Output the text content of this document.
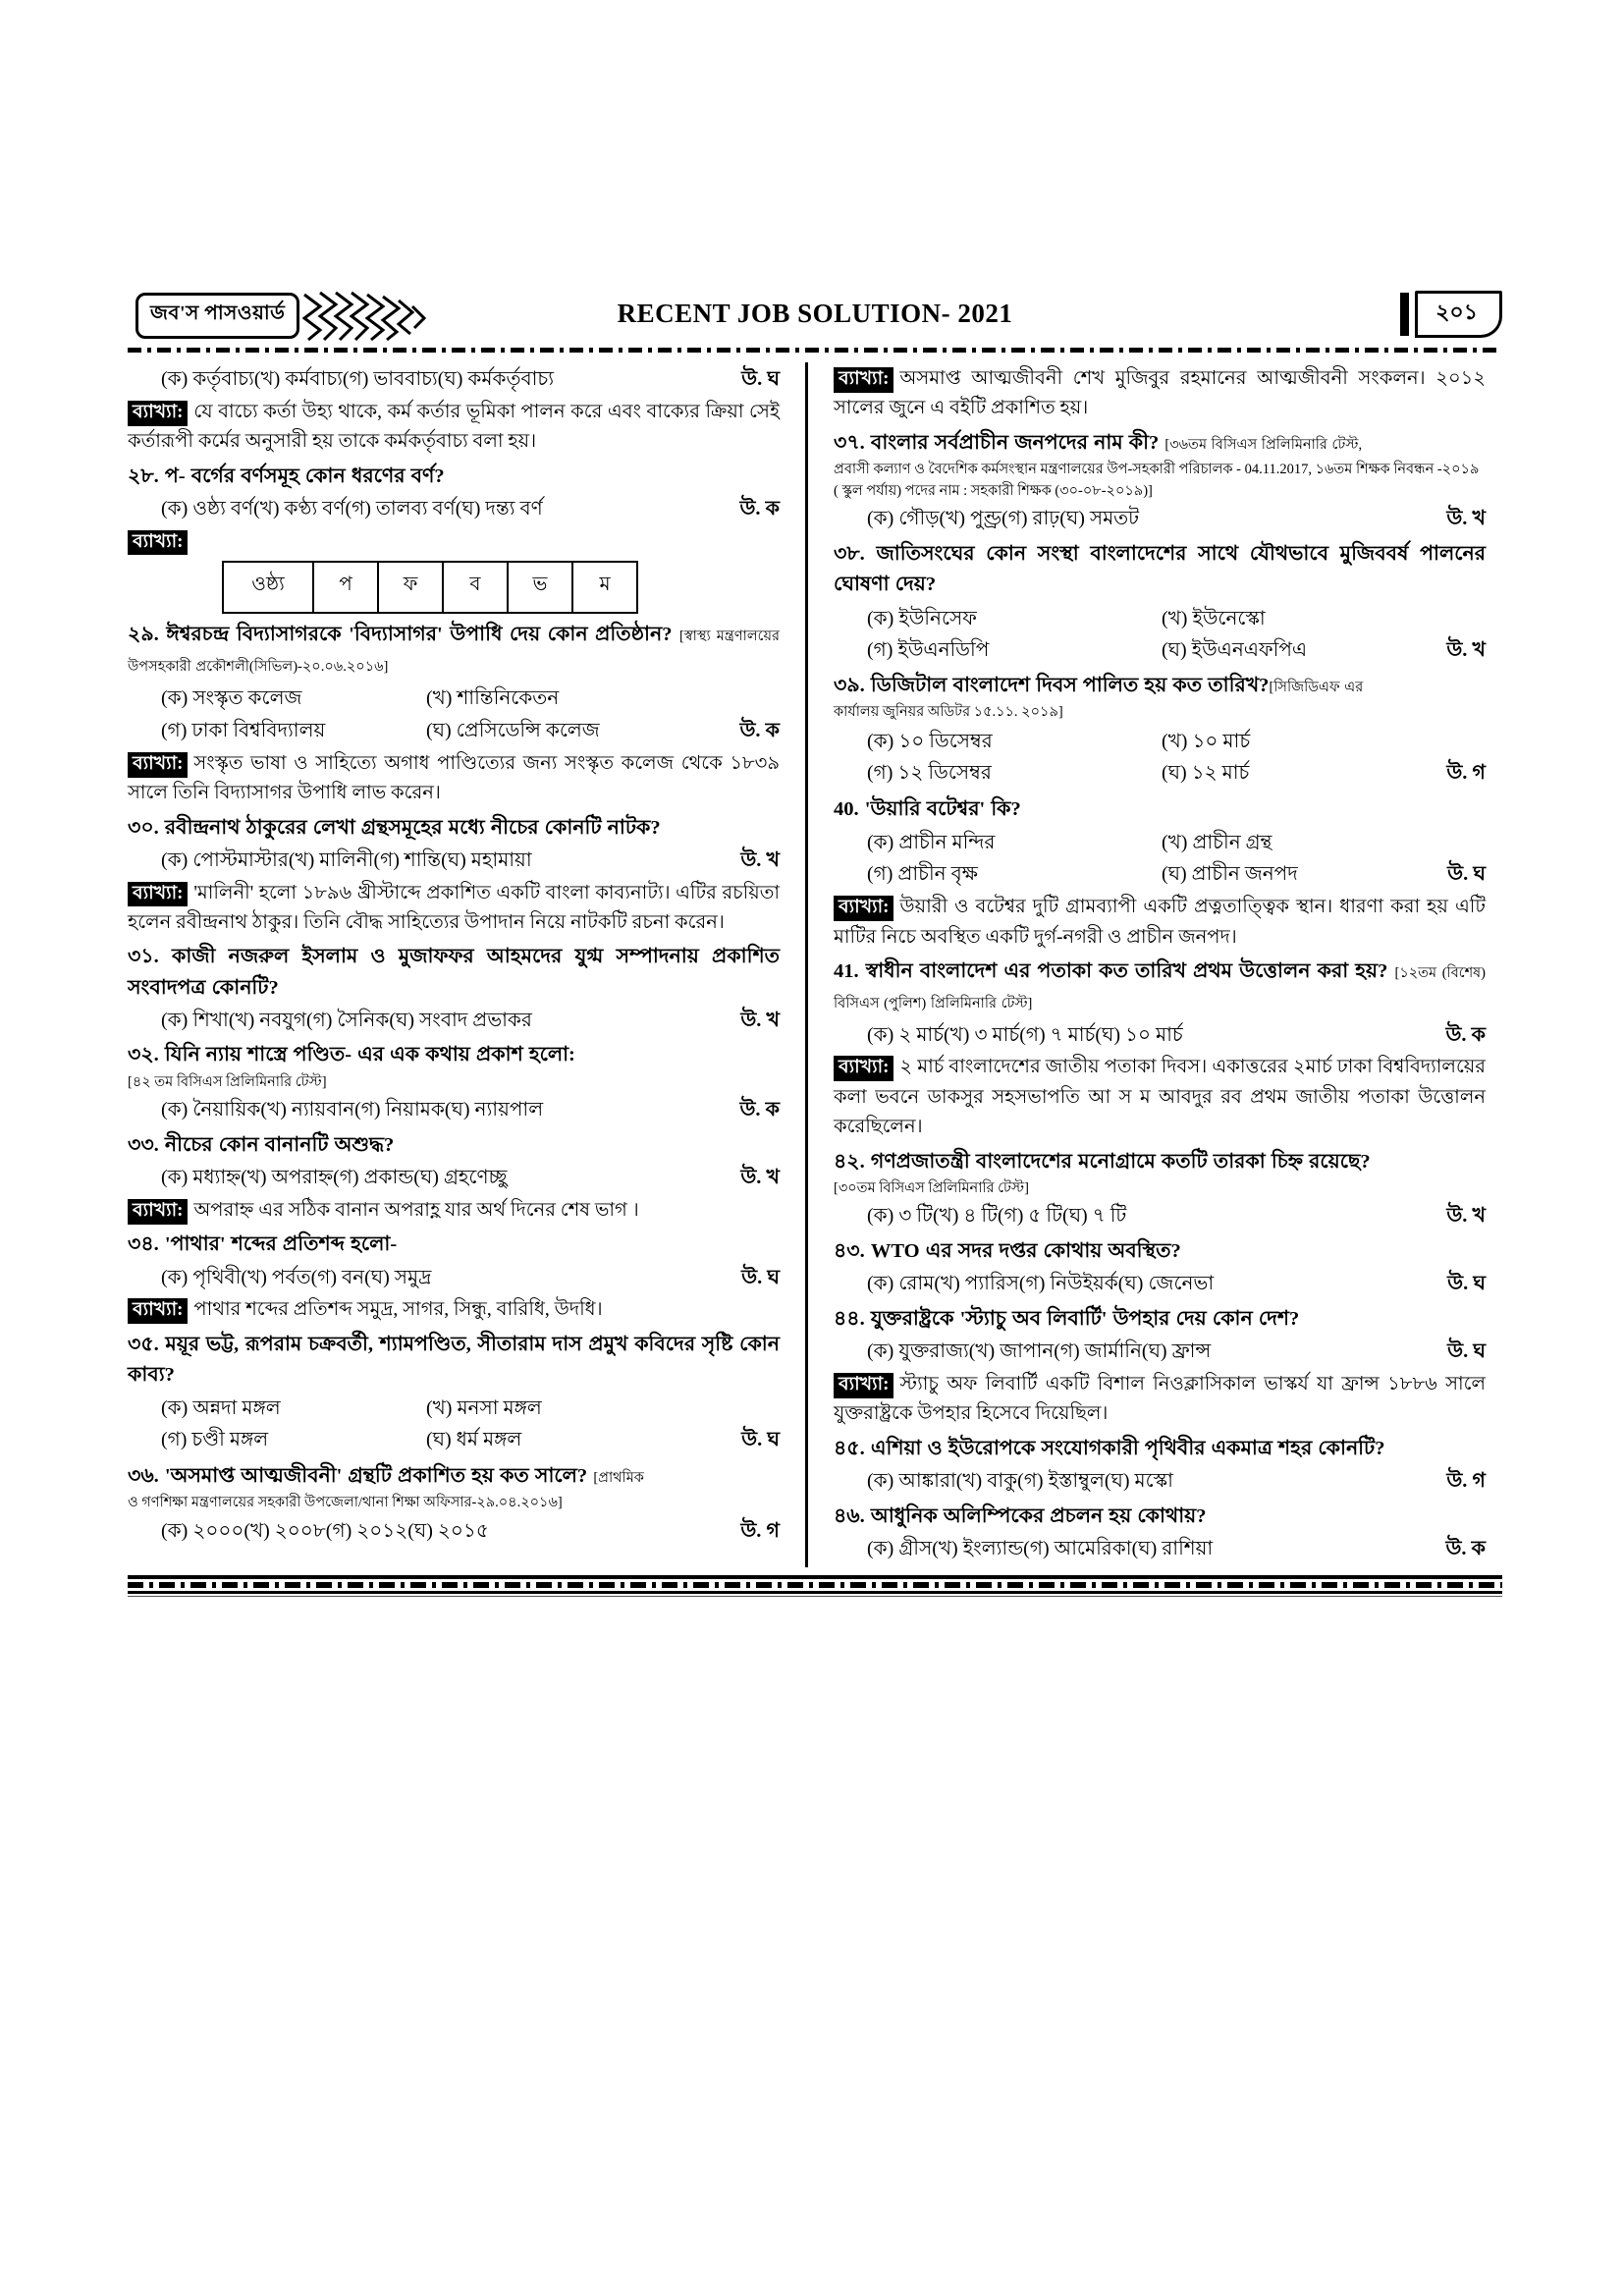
জব'স পাসওয়ার্ড	RECENT JOB SOLUTION- 2021	২০১
(ক) কর্তৃবাচ্য (খ) কর্মবাচ্য (গ) ভাববাচ্য (ঘ) কর্মকর্তৃবাচ্য	উ. ঘ
ব্যাখ্যা: যে বাচ্যে কর্তা উহ্য থাকে, কর্ম কর্তার ভূমিকা পালন করে এবং বাক্যের ক্রিয়া সেই কর্তারূপী কর্মের অনুসারী হয় তাকে কর্মকর্তৃবাচ্য বলা হয়।
২৮. প- বর্গের বর্ণসমূহ কোন ধরণের বর্ণ?
(ক) ওষ্ঠ্য বর্ণ (খ) কণ্ঠ্য বর্ণ (গ) তালব্য বর্ণ (ঘ) দন্ত্য বর্ণ	উ. ক
ব্যাখ্যা:
ওষ্ঠ্য	প	ফ	ব	ভ	ম
২৯. ঈশ্বরচন্দ্র বিদ্যাসাগরকে 'বিদ্যাসাগর' উপাধি দেয় কোন প্রতিষ্ঠান? [স্বাস্থ্য মন্ত্রণালয়ের উপসহকারী প্রকৌশলী(সিভিল)-২০.০৬.২০১৬]
(ক) সংস্কৃত কলেজ	(খ) শান্তিনিকেতন
(গ) ঢাকা বিশ্ববিদ্যালয়	(ঘ) প্রেসিডেন্সি কলেজ	উ. ক
ব্যাখ্যা: সংস্কৃত ভাষা ও সাহিত্যে অগাধ পাণ্ডিত্যের জন্য সংস্কৃত কলেজ থেকে ১৮৩৯ সালে তিনি বিদ্যাসাগর উপাধি লাভ করেন।
৩০. রবীন্দ্রনাথ ঠাকুরের লেখা গ্রন্থসমূহের মধ্যে নীচের কোনটি নাটক?
(ক) পোস্টমাস্টার (খ) মালিনী (গ) শান্তি (ঘ) মহামায়া	উ. খ
ব্যাখ্যা: 'মালিনী' হলো ১৮৯৬ খ্রীস্টাব্দে প্রকাশিত একটি বাংলা কাব্যনাট্য। এটির রচয়িতা হলেন রবীন্দ্রনাথ ঠাকুর। তিনি বৌদ্ধ সাহিত্যের উপাদান নিয়ে নাটকটি রচনা করেন।
৩১. কাজী নজরুল ইসলাম ও মুজাফফর আহমদের যুগ্ম সম্পাদনায় প্রকাশিত সংবাদপত্র কোনটি?
(ক) শিখা (খ) নবযুগ (গ) সৈনিক (ঘ) সংবাদ প্রভাকর	উ. খ
৩২. যিনি ন্যায় শাস্ত্রে পণ্ডিত- এর এক কথায় প্রকাশ হলো:
[৪২ তম বিসিএস প্রিলিমিনারি টেস্ট]
(ক) নৈয়ায়িক (খ) ন্যায়বান (গ) নিয়ামক (ঘ) ন্যায়পাল	উ. ক
৩৩. নীচের কোন বানানটি অশুদ্ধ?
(ক) মধ্যাহ্ন (খ) অপরাহ্ন (গ) প্রকান্ড (ঘ) গ্রহণেচ্ছু	উ. খ
ব্যাখ্যা: অপরাহ্ন এর সঠিক বানান অপরাহ্ণ যার অর্থ দিনের শেষ ভাগ ।
৩৪. 'পাথার' শব্দের প্রতিশব্দ হলো-
(ক) পৃথিবী (খ) পর্বত (গ) বন (ঘ) সমুদ্র	উ. ঘ
ব্যাখ্যা: পাথার শব্দের প্রতিশব্দ সমুদ্র, সাগর, সিন্ধু, বারিধি, উদধি।
৩৫. ময়ূর ভট্ট, রূপরাম চক্রবর্তী, শ্যামপণ্ডিত, সীতারাম দাস প্রমুখ কবিদের সৃষ্টি কোন কাব্য?
(ক) অন্নদা মঙ্গল	(খ) মনসা মঙ্গল
(গ) চণ্ডী মঙ্গল	(ঘ) ধর্ম মঙ্গল	উ. ঘ
৩৬. 'অসমাপ্ত আত্মজীবনী' গ্রন্থটি প্রকাশিত হয় কত সালে? [প্রাথমিক
ও গণশিক্ষা মন্ত্রণালয়ের সহকারী উপজেলা/থানা শিক্ষা অফিসার-২৯.০৪.২০১৬]
(ক) ২০০০ (খ) ২০০৮ (গ) ২০১২ (ঘ) ২০১৫	উ. গ
ব্যাখ্যা: অসমাপ্ত আত্মজীবনী শেখ মুজিবুর রহমানের আত্মজীবনী সংকলন। ২০১২ সালের জুনে এ বইটি প্রকাশিত হয়।
৩৭. বাংলার সর্বপ্রাচীন জনপদের নাম কী? [৩৬তম বিসিএস প্রিলিমিনারি টেস্ট,
প্রবাসী কল্যাণ ও বৈদেশিক কর্মসংস্থান মন্ত্রণালয়ের উপ-সহকারী পরিচালক - 04.11.2017, ১৬তম শিক্ষক নিবন্ধন -২০১৯ ( স্কুল পর্যায়) পদের নাম : সহকারী শিক্ষক (৩০-০৮-২০১৯)]
(ক) গৌড় (খ) পুণ্ড্র (গ) রাঢ় (ঘ) সমতট	উ. খ
৩৮. জাতিসংঘের কোন সংস্থা বাংলাদেশের সাথে যৌথভাবে মুজিববর্ষ পালনের ঘোষণা দেয়?
(ক) ইউনিসেফ	(খ) ইউনেস্কো
(গ) ইউএনডিপি	(ঘ) ইউএনএফপিএ	উ. খ
৩৯. ডিজিটাল বাংলাদেশ দিবস পালিত হয় কত তারিখ?[সিজিডিএফ এর
কার্যালয় জুনিয়র অডিটর ১৫.১১. ২০১৯]
(ক) ১০ ডিসেম্বর	(খ) ১০ মার্চ
(গ) ১২ ডিসেম্বর	(ঘ) ১২ মার্চ	উ. গ
40. 'উয়ারি বটেশ্বর' কি?
(ক) প্রাচীন মন্দির	(খ) প্রাচীন গ্রন্থ
(গ) প্রাচীন বৃক্ষ	(ঘ) প্রাচীন জনপদ	উ. ঘ
ব্যাখ্যা: উয়ারী ও বটেশ্বর দুটি গ্রামব্যাপী একটি প্রত্নতাত্ত্বিক স্থান। ধারণা করা হয় এটি মাটির নিচে অবস্থিত একটি দুর্গ-নগরী ও প্রাচীন জনপদ।
41. স্বাধীন বাংলাদেশ এর পতাকা কত তারিখ প্রথম উত্তোলন করা হয়? [১২তম (বিশেষ) বিসিএস (পুলিশ) প্রিলিমিনারি টেস্ট]
(ক) ২ মার্চ (খ) ৩ মার্চ (গ) ৭ মার্চ (ঘ) ১০ মার্চ	উ. ক
ব্যাখ্যা: ২ মার্চ বাংলাদেশের জাতীয় পতাকা দিবস। একাত্তরের ২মার্চ ঢাকা বিশ্ববিদ্যালয়ের কলা ভবনে ডাকসুর সহসভাপতি আ স ম আবদুর রব প্রথম জাতীয় পতাকা উত্তোলন করেছিলেন।
৪২. গণপ্রজাতন্ত্রী বাংলাদেশের মনোগ্রামে কতটি তারকা চিহ্ন রয়েছে?
[৩০তম বিসিএস প্রিলিমিনারি টেস্ট]
(ক) ৩ টি (খ) ৪ টি (গ) ৫ টি (ঘ) ৭ টি	উ. খ
৪৩. WTO এর সদর দপ্তর কোথায় অবস্থিত?
(ক) রোম (খ) প্যারিস (গ) নিউইয়র্ক (ঘ) জেনেভা	উ. ঘ
৪৪. যুক্তরাষ্ট্রকে 'স্ট্যাচু অব লিবার্টি' উপহার দেয় কোন দেশ?
(ক) যুক্তরাজ্য (খ) জাপান (গ) জার্মানি (ঘ) ফ্রান্স	উ. ঘ
ব্যাখ্যা: স্ট্যাচু অফ লিবার্টি একটি বিশাল নিওক্লাসিকাল ভাস্কর্য যা ফ্রান্স ১৮৮৬ সালে যুক্তরাষ্ট্রকে উপহার হিসেবে দিয়েছিল।
৪৫. এশিয়া ও ইউরোপকে সংযোগকারী পৃথিবীর একমাত্র শহর কোনটি?
(ক) আঙ্কারা (খ) বাকু (গ) ইস্তাম্বুল (ঘ) মস্কো	উ. গ
৪৬. আধুনিক অলিম্পিকের প্রচলন হয় কোথায়?
(ক) গ্রীস (খ) ইংল্যান্ড (গ) আমেরিকা (ঘ) রাশিয়া	উ. ক
